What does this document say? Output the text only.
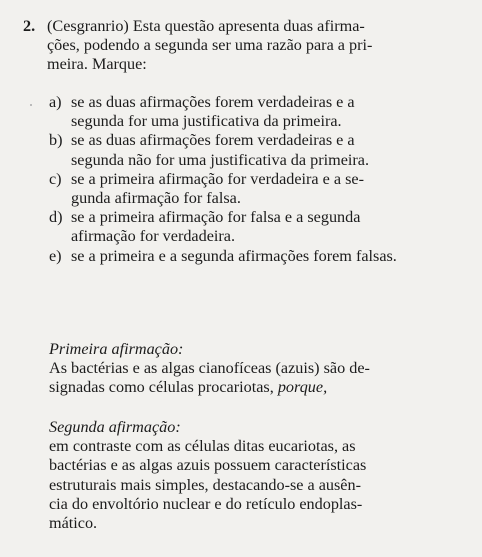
2. (Cesgranrio) Esta questão apresenta duas afirma-
ções, podendo a segunda ser uma razão para a pri-
meira. Marque:
a) se as duas afirmações forem verdadeiras e a
segunda for uma justificativa da primeira.
b) se as duas afirmações forem verdadeiras e a
segunda não for uma justificativa da primeira.
c) se a primeira afirmação for verdadeira e a se-
gunda afirmação for falsa.
d) se a primeira afirmação for falsa e a segunda
afirmação for verdadeira.
e) se a primeira e a segunda afirmações forem falsas.
Primeira afirmação:
As bactérias e as algas cianofíceas (azuis) são de-
signadas como células procariotas, porque,
Segunda afirmação:
em contraste com as células ditas eucariotas, as
bactérias e as algas azuis possuem características
estruturais mais simples, destacando-se a ausên-
cia do envoltório nuclear e do retículo endoplas-
mático.
